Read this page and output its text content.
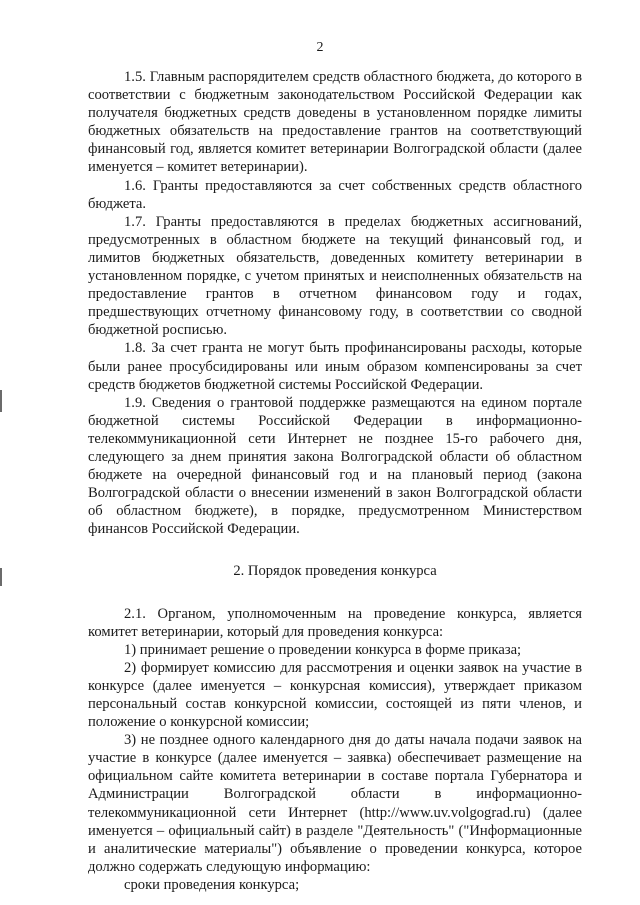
2

1.5. Главным распорядителем средств областного бюджета, до которого в соответствии с бюджетным законодательством Российской Федерации как получателя бюджетных средств доведены в установленном порядке лимиты бюджетных обязательств на предоставление грантов на соответствующий финансовый год, является комитет ветеринарии Волгоградской области (далее именуется – комитет ветеринарии).

1.6. Гранты предоставляются за счет собственных средств областного бюджета.

1.7. Гранты предоставляются в пределах бюджетных ассигнований, предусмотренных в областном бюджете на текущий финансовый год, и лимитов бюджетных обязательств, доведенных комитету ветеринарии в установленном порядке, с учетом принятых и неисполненных обязательств на предоставление грантов в отчетном финансовом году и годах, предшествующих отчетному финансовому году, в соответствии со сводной бюджетной росписью.

1.8. За счет гранта не могут быть профинансированы расходы, которые были ранее просубсидированы или иным образом компенсированы за счет средств бюджетов бюджетной системы Российской Федерации.

1.9. Сведения о грантовой поддержке размещаются на едином портале бюджетной системы Российской Федерации в информационно-телекоммуникационной сети Интернет не позднее 15-го рабочего дня, следующего за днем принятия закона Волгоградской области об областном бюджете на очередной финансовый год и на плановый период (закона Волгоградской области о внесении изменений в закон Волгоградской области об областном бюджете), в порядке, предусмотренном Министерством финансов Российской Федерации.

2. Порядок проведения конкурса

2.1. Органом, уполномоченным на проведение конкурса, является комитет ветеринарии, который для проведения конкурса:

1) принимает решение о проведении конкурса в форме приказа;

2) формирует комиссию для рассмотрения и оценки заявок на участие в конкурсе (далее именуется – конкурсная комиссия), утверждает приказом персональный состав конкурсной комиссии, состоящей из пяти членов, и положение о конкурсной комиссии;

3) не позднее одного календарного дня до даты начала подачи заявок на участие в конкурсе (далее именуется – заявка) обеспечивает размещение на официальном сайте комитета ветеринарии в составе портала Губернатора и Администрации Волгоградской области в информационно-телекоммуникационной сети Интернет (http://www.uv.volgograd.ru) (далее именуется – официальный сайт) в разделе "Деятельность" ("Информационные и аналитические материалы") объявление о проведении конкурса, которое должно содержать следующую информацию:

сроки проведения конкурса;
